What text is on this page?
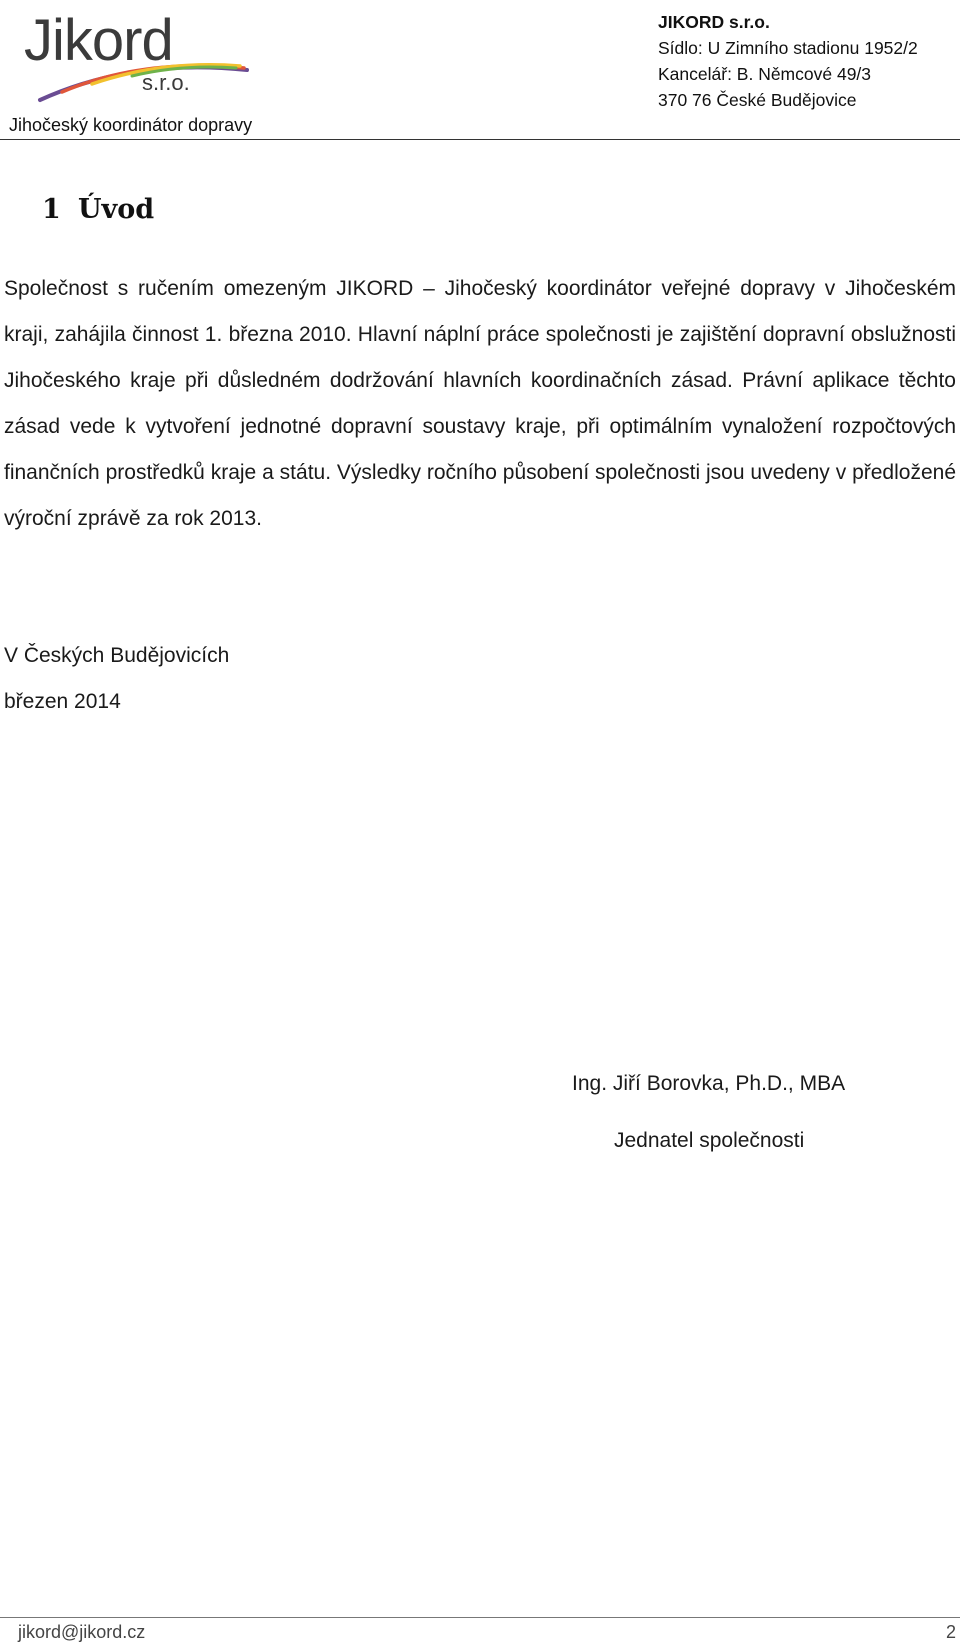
Jikord
s.r.o.
Jihočeský koordinátor dopravy
JIKORD s.r.o.
Sídlo: U Zimního stadionu 1952/2
Kancelář: B. Němcové 49/3
370 76 České Budějovice
1 Úvod

Společnost s ručením omezeným JIKORD – Jihočeský koordinátor veřejné dopravy v Jihočeském kraji, zahájila činnost 1. března 2010. Hlavní náplní práce společnosti je zajištění dopravní obslužnosti Jihočeského kraje při důsledném dodržování hlavních koordinačních zásad. Právní aplikace těchto zásad vede k vytvoření jednotné dopravní soustavy kraje, při optimálním vynaložení rozpočtových finančních prostředků kraje a státu. Výsledky ročního působení společnosti jsou uvedeny v předložené výroční zprávě za rok 2013.

V Českých Budějovicích
březen 2014
Ing. Jiří Borovka, Ph.D., MBA
Jednatel společnosti
jikord@jikord.cz	2
